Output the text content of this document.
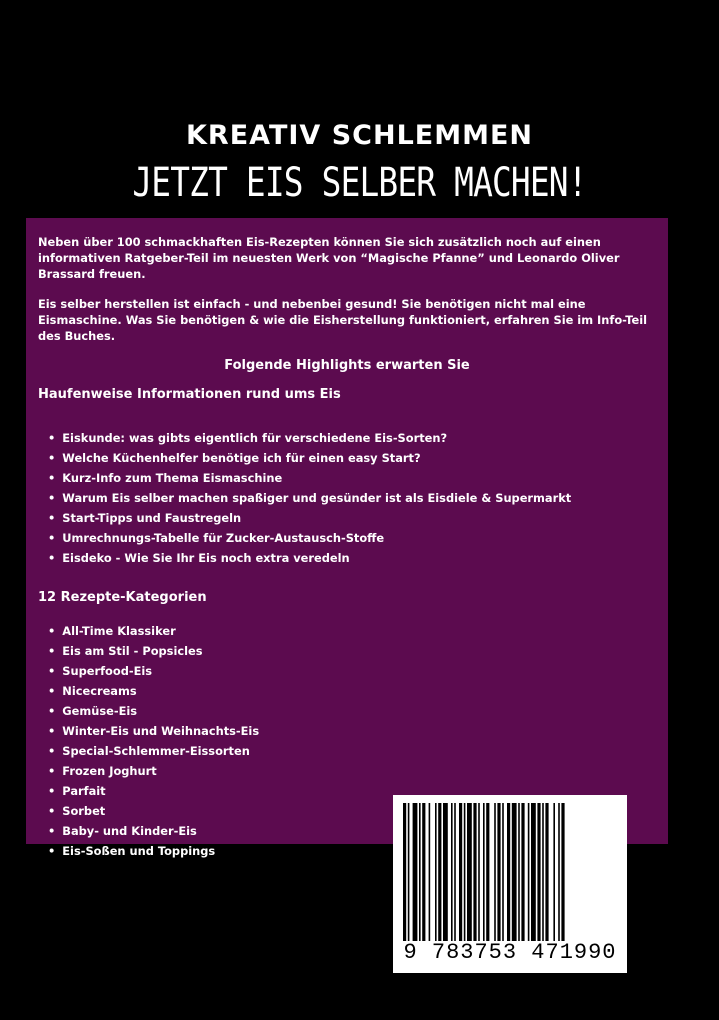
KREATIV SCHLEMMEN
JETZT EIS SELBER MACHEN!

Neben über 100 schmackhaften Eis-Rezepten können Sie sich zusätzlich noch auf einen informativen Ratgeber-Teil im neuesten Werk von “Magische Pfanne” und Leonardo Oliver Brassard freuen.

Eis selber herstellen ist einfach - und nebenbei gesund! Sie benötigen nicht mal eine Eismaschine. Was Sie benötigen & wie die Eisherstellung funktioniert, erfahren Sie im Info-Teil des Buches.

Folgende Highlights erwarten Sie
Haufenweise Informationen rund ums Eis
• Eiskunde: was gibts eigentlich für verschiedene Eis-Sorten?
• Welche Küchenhelfer benötige ich für einen easy Start?
• Kurz-Info zum Thema Eismaschine
• Warum Eis selber machen spaßiger und gesünder ist als Eisdiele & Supermarkt
• Start-Tipps und Faustregeln
• Umrechnungs-Tabelle für Zucker-Austausch-Stoffe
• Eisdeko - Wie Sie Ihr Eis noch extra veredeln
12 Rezepte-Kategorien
• All-Time Klassiker
• Eis am Stil - Popsicles
• Superfood-Eis
• Nicecreams
• Gemüse-Eis
• Winter-Eis und Weihnachts-Eis
• Special-Schlemmer-Eissorten
• Frozen Joghurt
• Parfait
• Sorbet
• Baby- und Kinder-Eis
• Eis-Soßen und Toppings
9 783753 471990
